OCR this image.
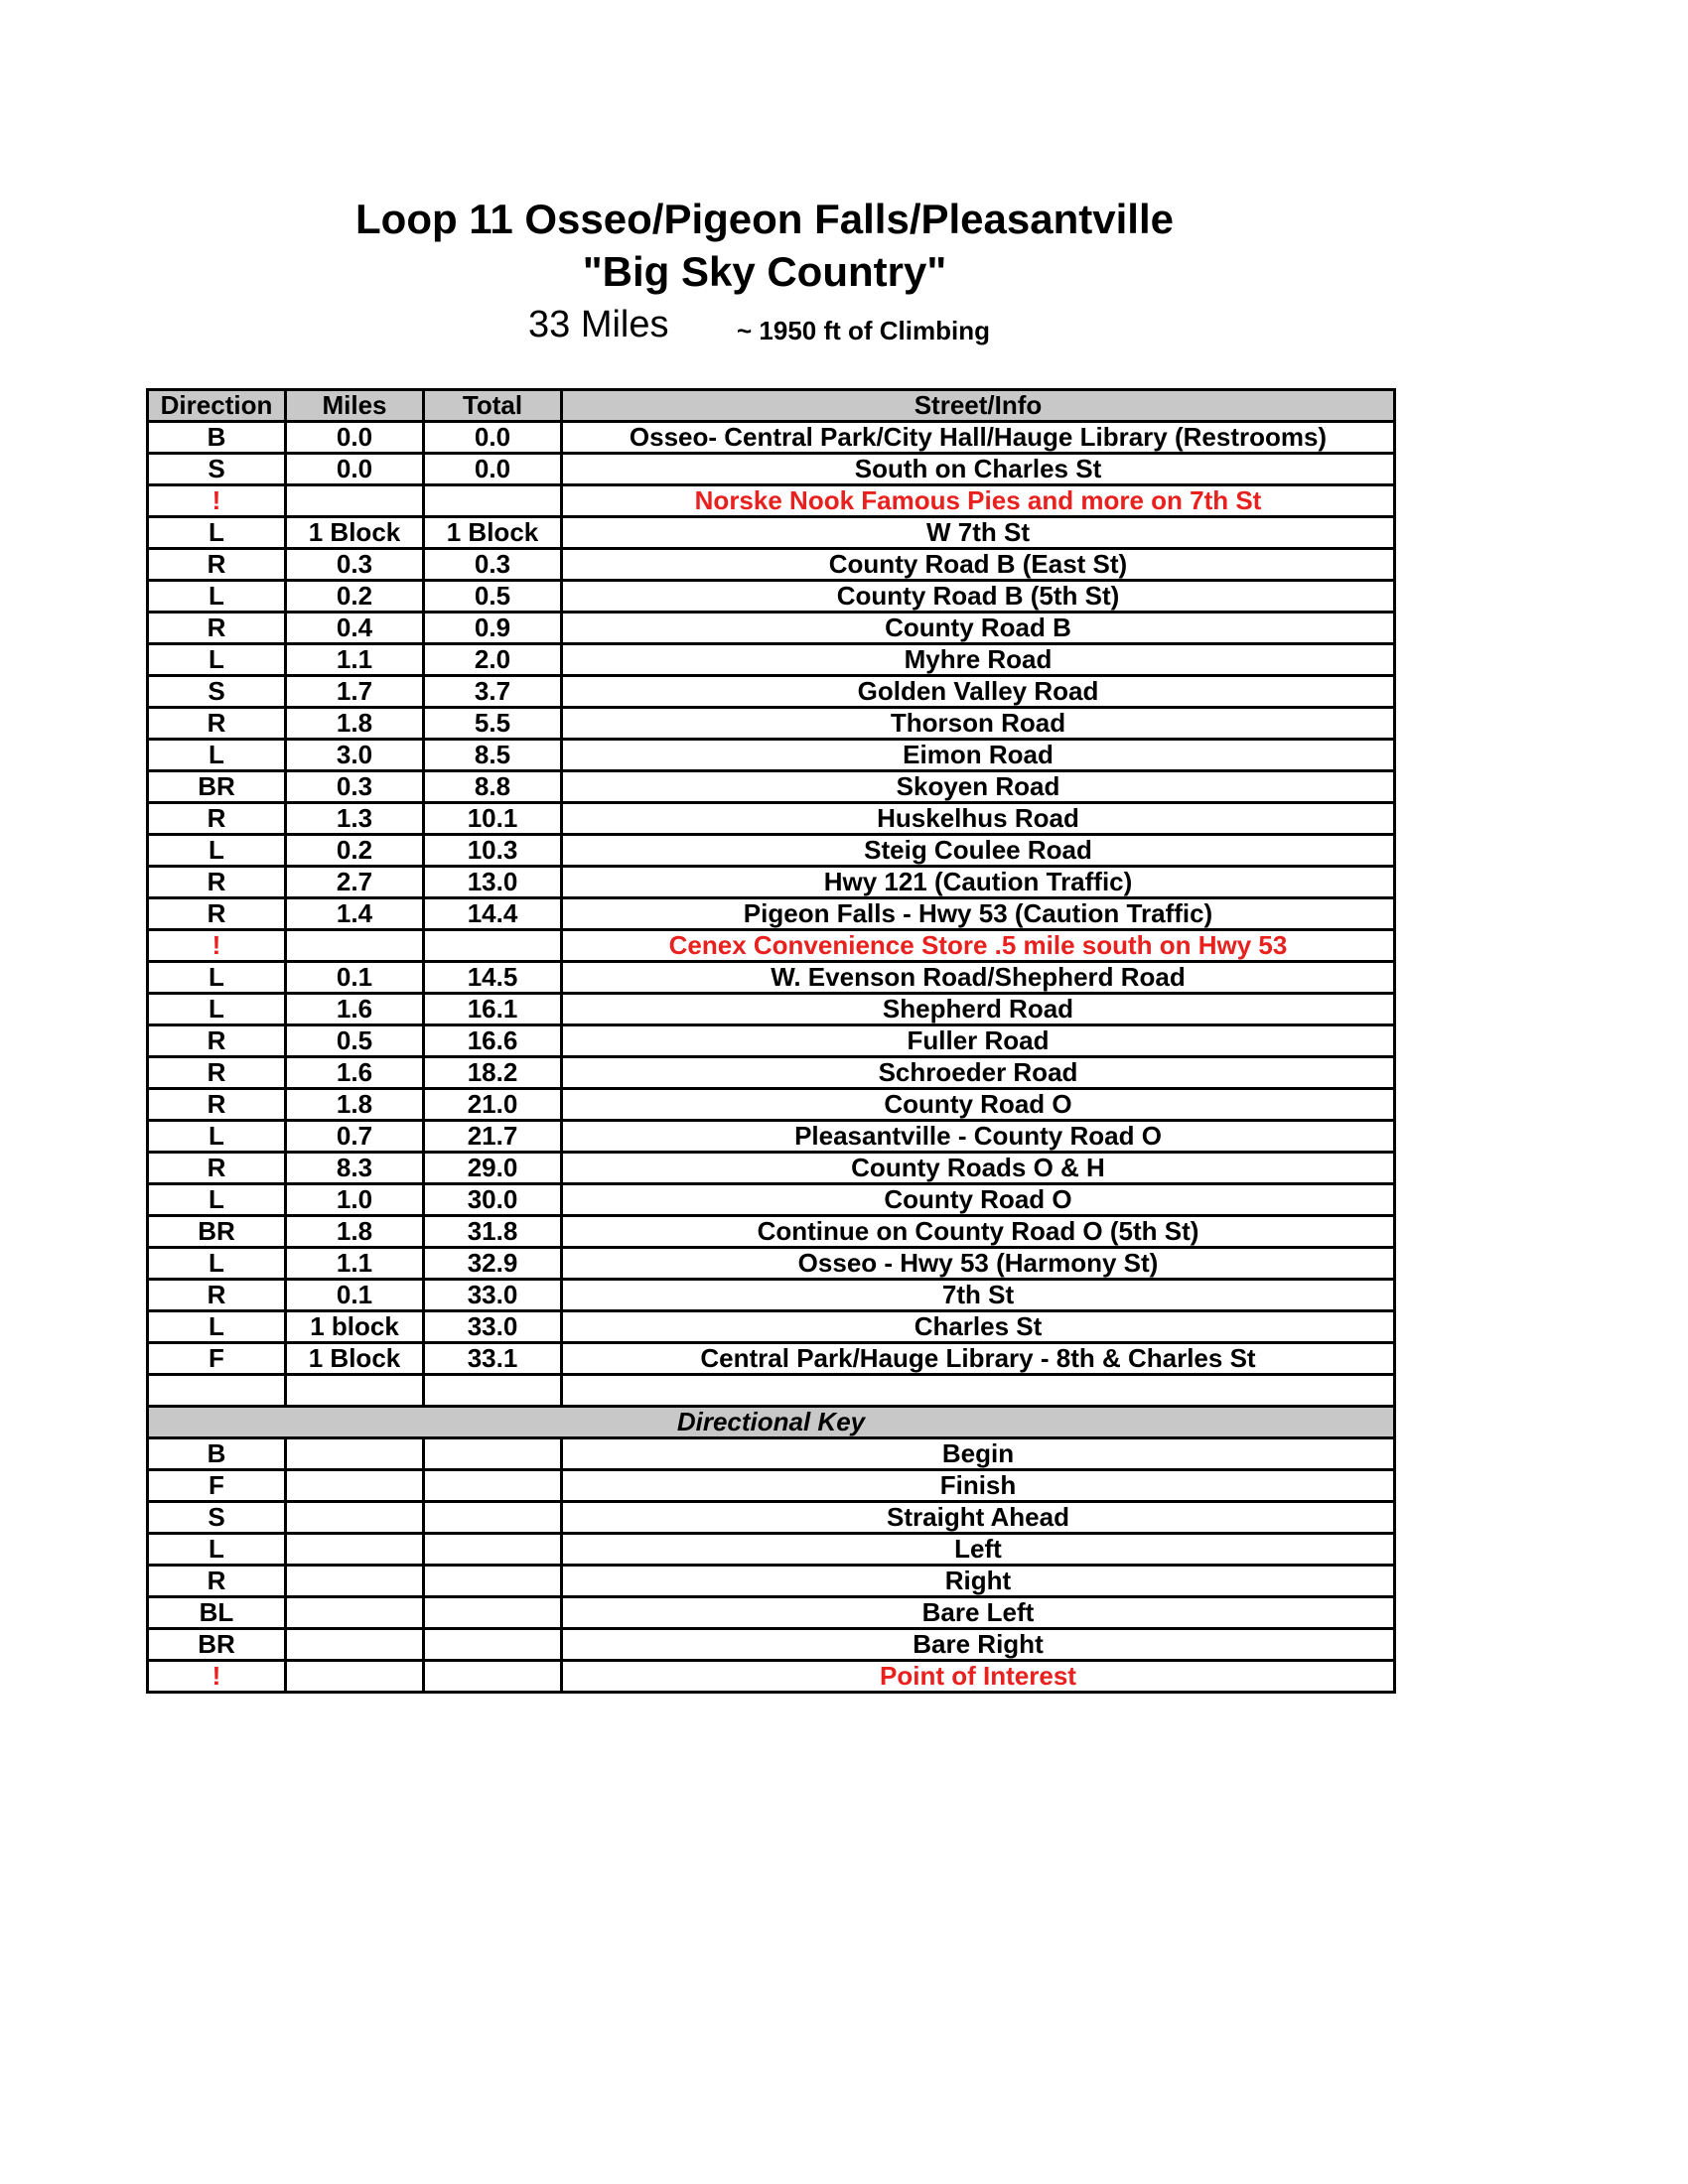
Loop 11 Osseo/Pigeon Falls/Pleasantville
"Big Sky Country"
33 Miles	~ 1950 ft of Climbing
Direction	Miles	Total	Street/Info
B	0.0	0.0	Osseo- Central Park/City Hall/Hauge Library (Restrooms)
S	0.0	0.0	South on Charles St
!			Norske Nook Famous Pies and more on 7th St
L	1 Block	1 Block	W 7th St
R	0.3	0.3	County Road B (East St)
L	0.2	0.5	County Road B (5th St)
R	0.4	0.9	County Road B
L	1.1	2.0	Myhre Road
S	1.7	3.7	Golden Valley Road
R	1.8	5.5	Thorson Road
L	3.0	8.5	Eimon Road
BR	0.3	8.8	Skoyen Road
R	1.3	10.1	Huskelhus Road
L	0.2	10.3	Steig Coulee Road
R	2.7	13.0	Hwy 121 (Caution Traffic)
R	1.4	14.4	Pigeon Falls - Hwy 53 (Caution Traffic)
!			Cenex Convenience Store .5 mile south on Hwy 53
L	0.1	14.5	W. Evenson Road/Shepherd Road
L	1.6	16.1	Shepherd Road
R	0.5	16.6	Fuller Road
R	1.6	18.2	Schroeder Road
R	1.8	21.0	County Road O
L	0.7	21.7	Pleasantville - County Road O
R	8.3	29.0	County Roads O & H
L	1.0	30.0	County Road O
BR	1.8	31.8	Continue on County Road O (5th St)
L	1.1	32.9	Osseo - Hwy 53 (Harmony St)
R	0.1	33.0	7th St
L	1 block	33.0	Charles St
F	1 Block	33.1	Central Park/Hauge Library - 8th & Charles St

Directional Key			
B			Begin
F			Finish
S			Straight Ahead
L			Left
R			Right
BL			Bare Left
BR			Bare Right
!			Point of Interest
